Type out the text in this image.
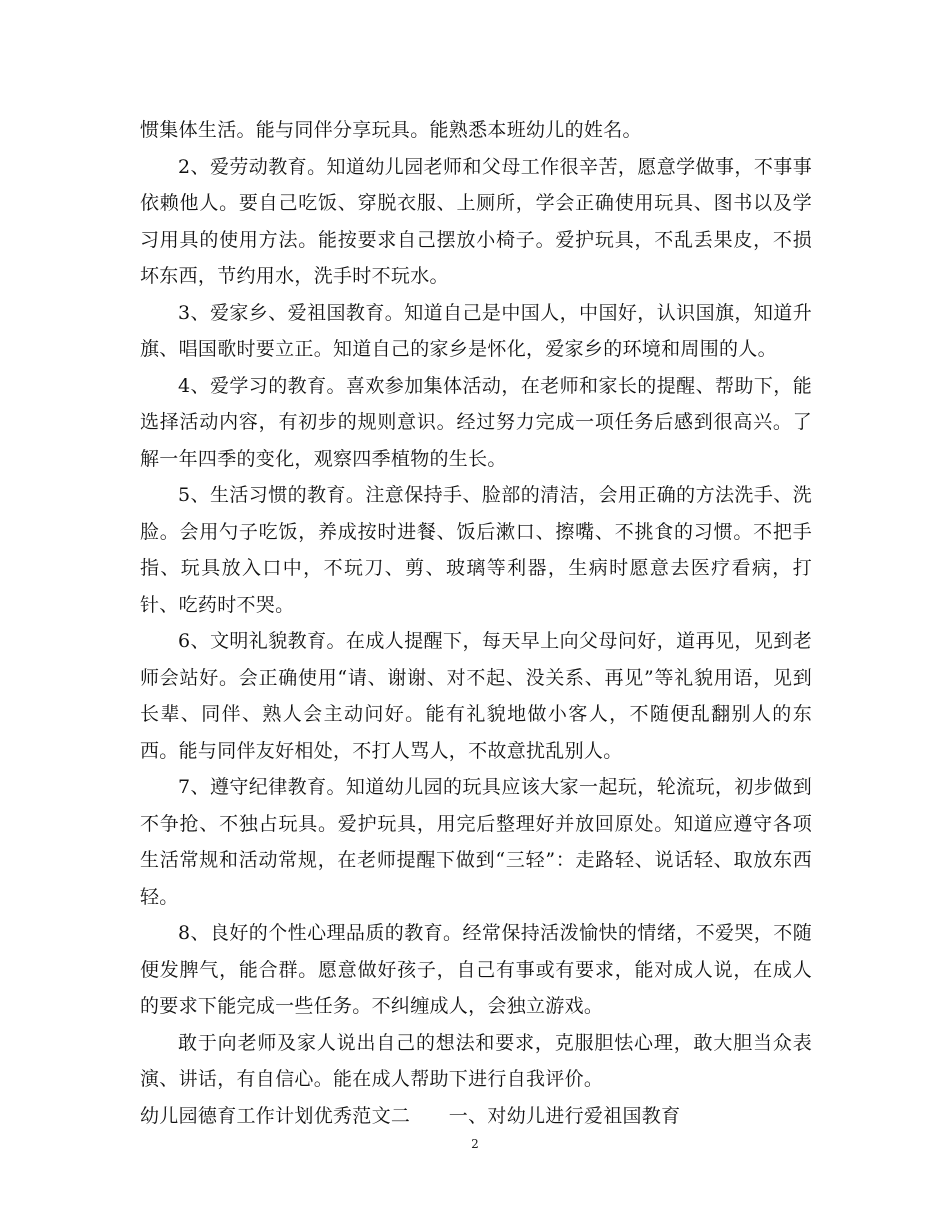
惯集体生活。能与同伴分享玩具。能熟悉本班幼儿的姓名。

2、爱劳动教育。知道幼儿园老师和父母工作很辛苦，愿意学做事，不事事依赖他人。要自己吃饭、穿脱衣服、上厕所，学会正确使用玩具、图书以及学习用具的使用方法。能按要求自己摆放小椅子。爱护玩具，不乱丢果皮，不损坏东西，节约用水，洗手时不玩水。

3、爱家乡、爱祖国教育。知道自己是中国人，中国好，认识国旗，知道升旗、唱国歌时要立正。知道自己的家乡是怀化，爱家乡的环境和周围的人。

4、爱学习的教育。喜欢参加集体活动，在老师和家长的提醒、帮助下，能选择活动内容，有初步的规则意识。经过努力完成一项任务后感到很高兴。了解一年四季的变化，观察四季植物的生长。

5、生活习惯的教育。注意保持手、脸部的清洁，会用正确的方法洗手、洗脸。会用勺子吃饭，养成按时进餐、饭后漱口、擦嘴、不挑食的习惯。不把手指、玩具放入口中，不玩刀、剪、玻璃等利器，生病时愿意去医疗看病，打针、吃药时不哭。

6、文明礼貌教育。在成人提醒下，每天早上向父母问好，道再见，见到老师会站好。会正确使用“请、谢谢、对不起、没关系、再见”等礼貌用语，见到长辈、同伴、熟人会主动问好。能有礼貌地做小客人，不随便乱翻别人的东西。能与同伴友好相处，不打人骂人，不故意扰乱别人。

7、遵守纪律教育。知道幼儿园的玩具应该大家一起玩，轮流玩，初步做到不争抢、不独占玩具。爱护玩具，用完后整理好并放回原处。知道应遵守各项生活常规和活动常规，在老师提醒下做到“三轻”：走路轻、说话轻、取放东西轻。

8、良好的个性心理品质的教育。经常保持活泼愉快的情绪，不爱哭，不随便发脾气，能合群。愿意做好孩子，自己有事或有要求，能对成人说，在成人的要求下能完成一些任务。不纠缠成人，会独立游戏。

敢于向老师及家人说出自己的想法和要求，克服胆怯心理，敢大胆当众表演、讲话，有自信心。能在成人帮助下进行自我评价。

幼儿园德育工作计划优秀范文二　　一、对幼儿进行爱祖国教育

2
